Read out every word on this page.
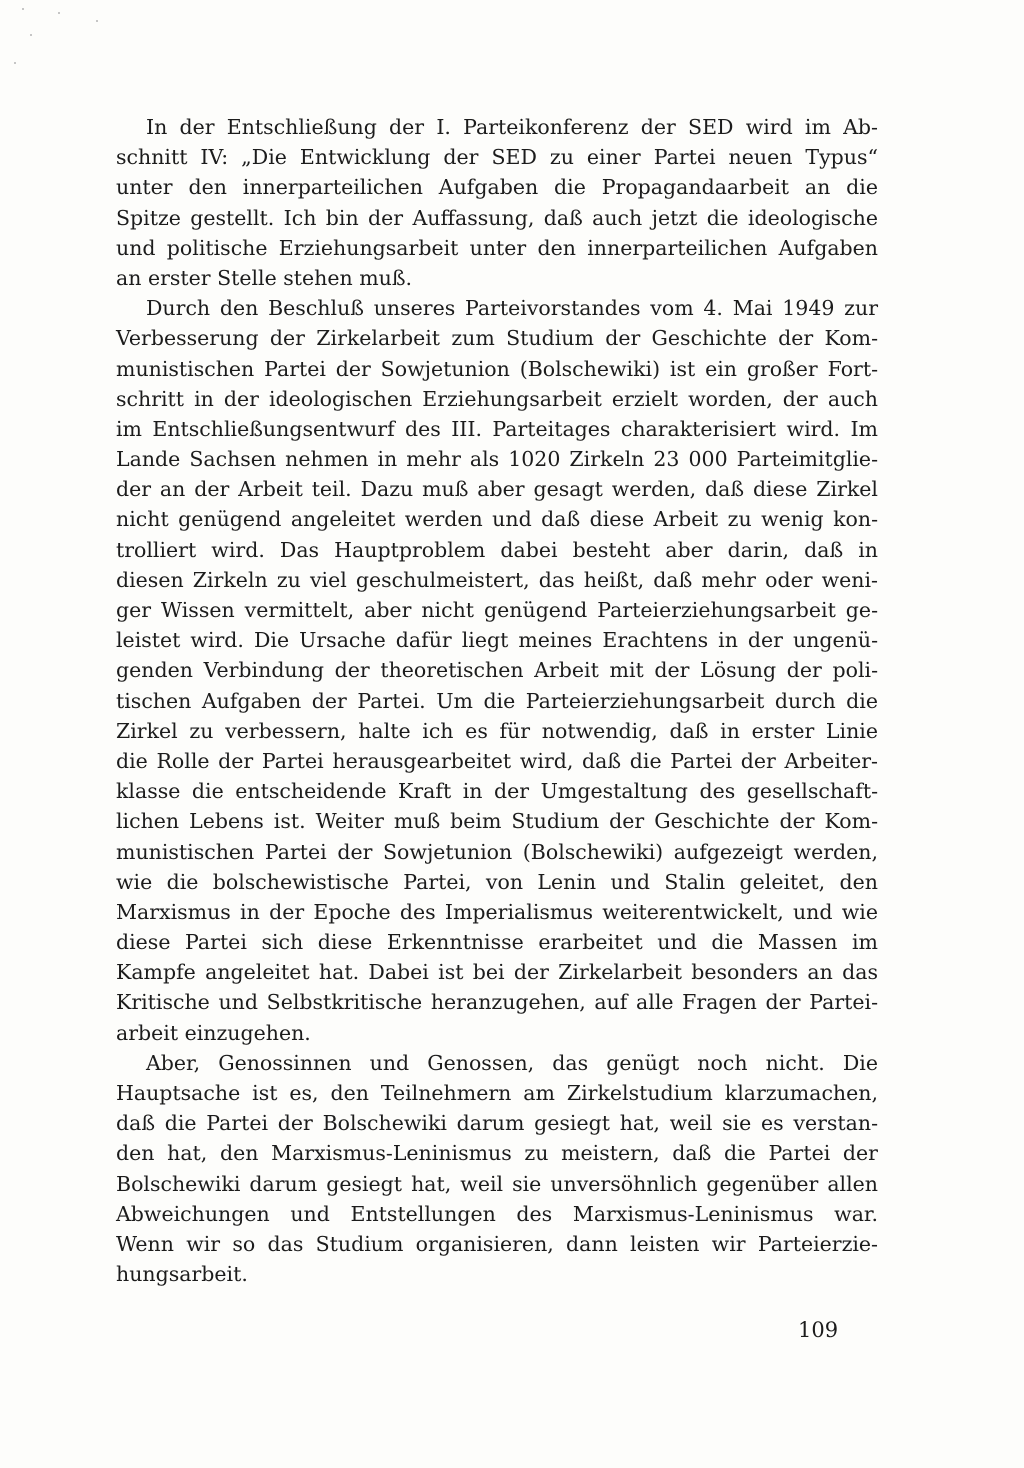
In der Entschließung der I. Parteikonferenz der SED wird im Ab-
schnitt IV: „Die Entwicklung der SED zu einer Partei neuen Typus“
unter den innerparteilichen Aufgaben die Propagandaarbeit an die
Spitze gestellt. Ich bin der Auffassung, daß auch jetzt die ideologische
und politische Erziehungsarbeit unter den innerparteilichen Aufgaben
an erster Stelle stehen muß.
Durch den Beschluß unseres Parteivorstandes vom 4. Mai 1949 zur
Verbesserung der Zirkelarbeit zum Studium der Geschichte der Kom-
munistischen Partei der Sowjetunion (Bolschewiki) ist ein großer Fort-
schritt in der ideologischen Erziehungsarbeit erzielt worden, der auch
im Entschließungsentwurf des III. Parteitages charakterisiert wird. Im
Lande Sachsen nehmen in mehr als 1020 Zirkeln 23 000 Parteimitglie-
der an der Arbeit teil. Dazu muß aber gesagt werden, daß diese Zirkel
nicht genügend angeleitet werden und daß diese Arbeit zu wenig kon-
trolliert wird. Das Hauptproblem dabei besteht aber darin, daß in
diesen Zirkeln zu viel geschulmeistert, das heißt, daß mehr oder weni-
ger Wissen vermittelt, aber nicht genügend Parteierziehungsarbeit ge-
leistet wird. Die Ursache dafür liegt meines Erachtens in der ungenü-
genden Verbindung der theoretischen Arbeit mit der Lösung der poli-
tischen Aufgaben der Partei. Um die Parteierziehungsarbeit durch die
Zirkel zu verbessern, halte ich es für notwendig, daß in erster Linie
die Rolle der Partei herausgearbeitet wird, daß die Partei der Arbeiter-
klasse die entscheidende Kraft in der Umgestaltung des gesellschaft-
lichen Lebens ist. Weiter muß beim Studium der Geschichte der Kom-
munistischen Partei der Sowjetunion (Bolschewiki) aufgezeigt werden,
wie die bolschewistische Partei, von Lenin und Stalin geleitet, den
Marxismus in der Epoche des Imperialismus weiterentwickelt, und wie
diese Partei sich diese Erkenntnisse erarbeitet und die Massen im
Kampfe angeleitet hat. Dabei ist bei der Zirkelarbeit besonders an das
Kritische und Selbstkritische heranzugehen, auf alle Fragen der Partei-
arbeit einzugehen.
Aber, Genossinnen und Genossen, das genügt noch nicht. Die
Hauptsache ist es, den Teilnehmern am Zirkelstudium klarzumachen,
daß die Partei der Bolschewiki darum gesiegt hat, weil sie es verstan-
den hat, den Marxismus-Leninismus zu meistern, daß die Partei der
Bolschewiki darum gesiegt hat, weil sie unversöhnlich gegenüber allen
Abweichungen und Entstellungen des Marxismus-Leninismus war.
Wenn wir so das Studium organisieren, dann leisten wir Parteierzie-
hungsarbeit.
109
